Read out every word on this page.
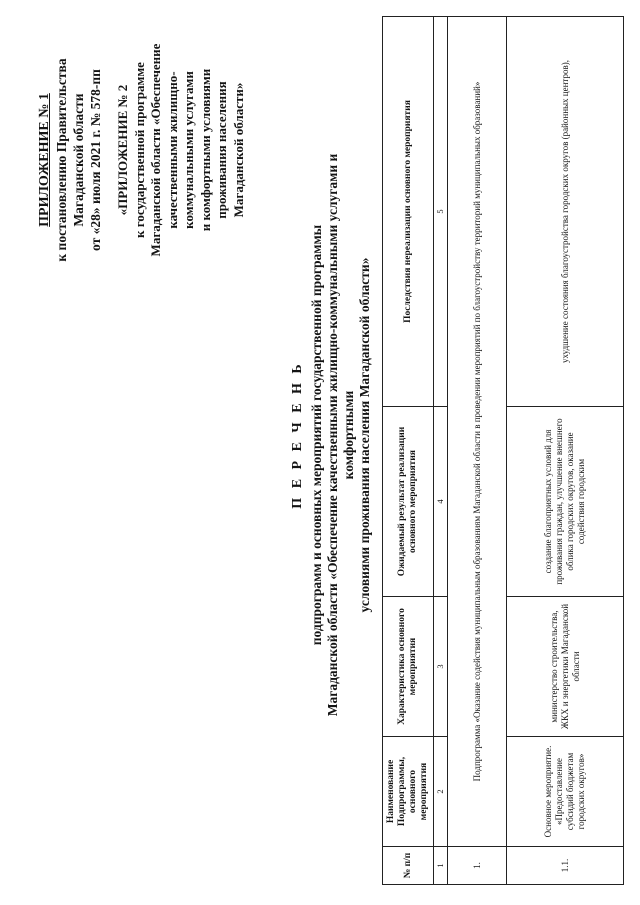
ПРИЛОЖЕНИЕ № 1 к постановлению Правительства Магаданской области от «28» июля 2021 г. № 578-пп «ПРИЛОЖЕНИЕ № 2 к государственной программе Магаданской области «Обеспечение качественными жилищно- коммунальными услугами и комфортными условиями проживания населения Магаданской области»
П Е Р Е Ч Е Н Ь подпрограмм и основных мероприятий государственной программы Магаданской области «Обеспечение качественными жилищно-коммунальными услугами и комфортными условиями проживания населения Магаданской области»
№ п/п	Наименование Подпрограммы, основного мероприятия	Характеристика основного мероприятия	Ожидаемый результат реализации основного мероприятия	Последствия нереализации основного мероприятия
1	2	3	4	5
1.	Подпрограмма «Оказание содействия муниципальным образованиям Магаданской области в проведении мероприятий по благоустройству территорий муниципальных образований»			
1.1.	Основное мероприятие. «Предоставление субсидий бюджетам городских округов»	министерство строительства, ЖКХ и энергетики Магаданской области	создание благоприятных условий для проживания граждан, улучшение внешнего облика городских округов, оказание содействия городским	ухудшение состояния благоустройства городских округов (районных центров),
